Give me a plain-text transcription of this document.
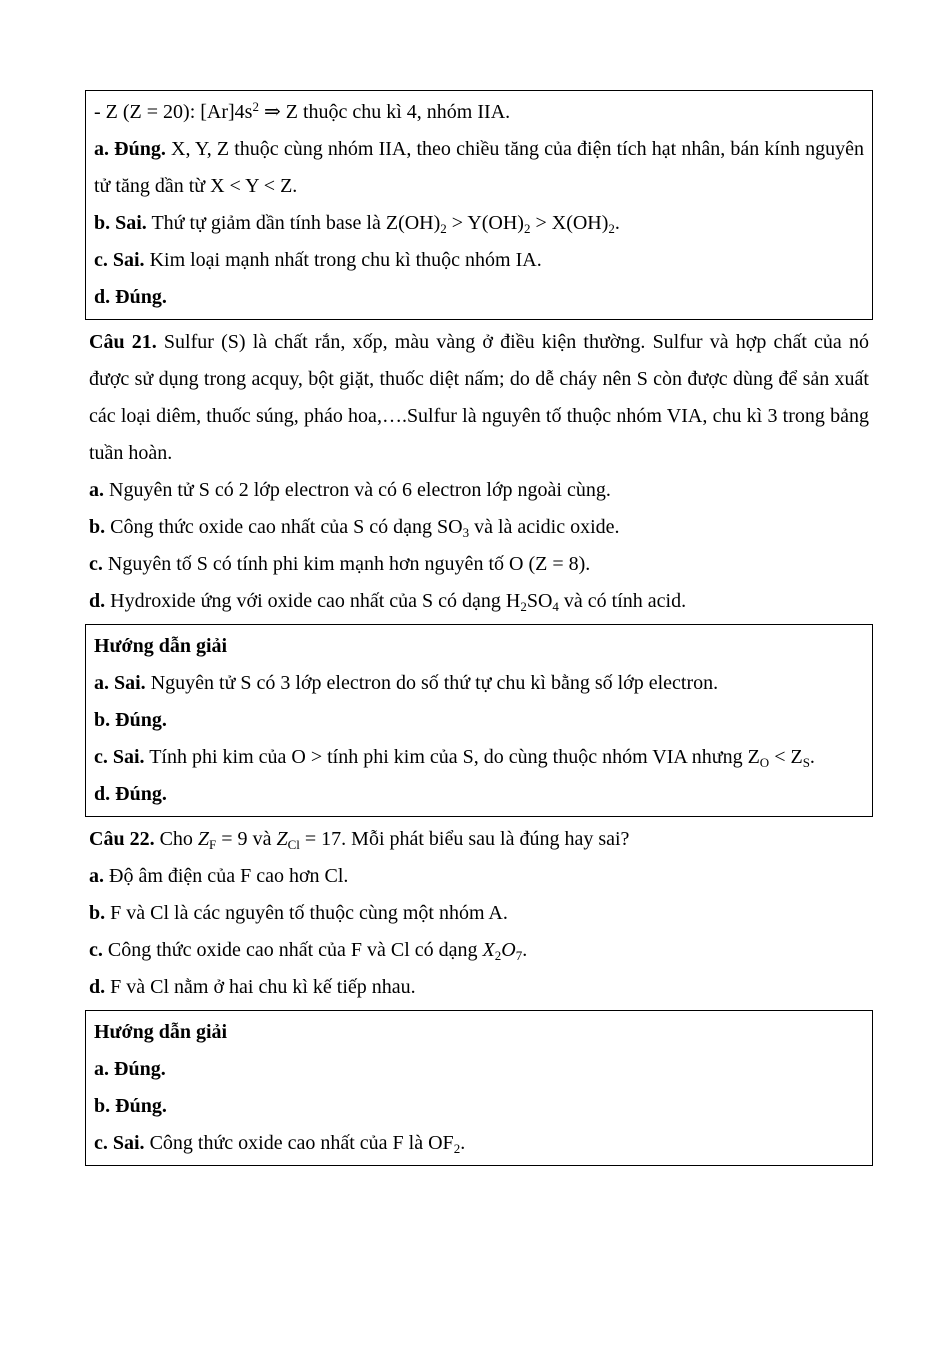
- Z (Z = 20): $[Ar]4s^2$ ⇒ Z thuộc chu kì 4, nhóm IIA.

a. Đúng. X, Y, Z thuộc cùng nhóm IIA, theo chiều tăng của điện tích hạt nhân, bán kính nguyên tử tăng dần từ X < Y < Z.

b. Sai. Thứ tự giảm dần tính base là $Z(OH)_2 > Y(OH)_2 > X(OH)_2$.

c. Sai. Kim loại mạnh nhất trong chu kì thuộc nhóm IA.

d. Đúng.

Câu 21. Sulfur (S) là chất rắn, xốp, màu vàng ở điều kiện thường. Sulfur và hợp chất của nó được sử dụng trong acquy, bột giặt, thuốc diệt nấm; do dễ cháy nên S còn được dùng để sản xuất các loại diêm, thuốc súng, pháo hoa,….Sulfur là nguyên tố thuộc nhóm VIA, chu kì 3 trong bảng tuần hoàn.

a. Nguyên tử S có 2 lớp electron và có 6 electron lớp ngoài cùng.

b. Công thức oxide cao nhất của S có dạng $SO_3$ và là acidic oxide.

c. Nguyên tố S có tính phi kim mạnh hơn nguyên tố O (Z = 8).

d. Hydroxide ứng với oxide cao nhất của S có dạng $H_2SO_4$ và có tính acid.

Hướng dẫn giải

a. Sai. Nguyên tử S có 3 lớp electron do số thứ tự chu kì bằng số lớp electron.

b. Đúng.

c. Sai. Tính phi kim của O > tính phi kim của S, do cùng thuộc nhóm VIA nhưng $Z_O < Z_S$.

d. Đúng.

Câu 22. Cho $Z_F = 9$ và $Z_{Cl} = 17$. Mỗi phát biểu sau là đúng hay sai?

a. Độ âm điện của F cao hơn Cl.

b. F và Cl là các nguyên tố thuộc cùng một nhóm A.

c. Công thức oxide cao nhất của F và Cl có dạng $X_2O_7$.

d. F và Cl nằm ở hai chu kì kế tiếp nhau.

Hướng dẫn giải

a. Đúng.

b. Đúng.

c. Sai. Công thức oxide cao nhất của F là $OF_2$.
